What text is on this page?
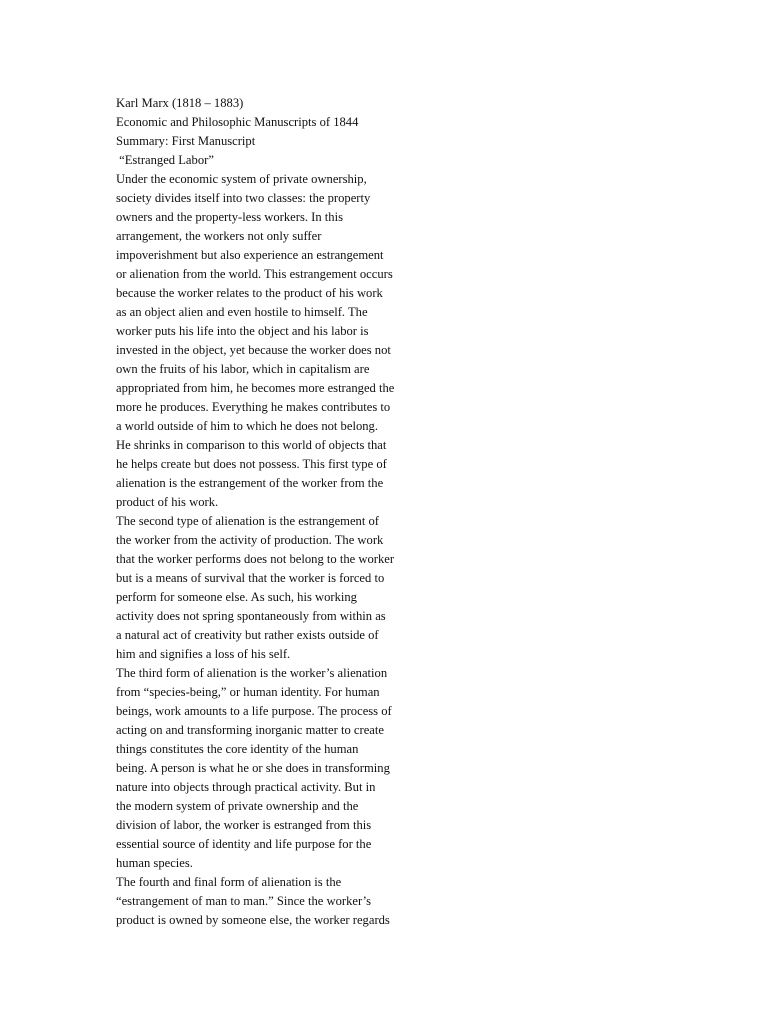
Karl Marx (1818 – 1883)
Economic and Philosophic Manuscripts of 1844
Summary: First Manuscript
“Estranged Labor”
Under the economic system of private ownership,
society divides itself into two classes: the property
owners and the property-less workers. In this
arrangement, the workers not only suffer
impoverishment but also experience an estrangement
or alienation from the world. This estrangement occurs
because the worker relates to the product of his work
as an object alien and even hostile to himself. The
worker puts his life into the object and his labor is
invested in the object, yet because the worker does not
own the fruits of his labor, which in capitalism are
appropriated from him, he becomes more estranged the
more he produces. Everything he makes contributes to
a world outside of him to which he does not belong.
He shrinks in comparison to this world of objects that
he helps create but does not possess. This first type of
alienation is the estrangement of the worker from the
product of his work.
The second type of alienation is the estrangement of
the worker from the activity of production. The work
that the worker performs does not belong to the worker
but is a means of survival that the worker is forced to
perform for someone else. As such, his working
activity does not spring spontaneously from within as
a natural act of creativity but rather exists outside of
him and signifies a loss of his self.
The third form of alienation is the worker’s alienation
from “species-being,” or human identity. For human
beings, work amounts to a life purpose. The process of
acting on and transforming inorganic matter to create
things constitutes the core identity of the human
being. A person is what he or she does in transforming
nature into objects through practical activity. But in
the modern system of private ownership and the
division of labor, the worker is estranged from this
essential source of identity and life purpose for the
human species.
The fourth and final form of alienation is the
“estrangement of man to man.” Since the worker’s
product is owned by someone else, the worker regards
